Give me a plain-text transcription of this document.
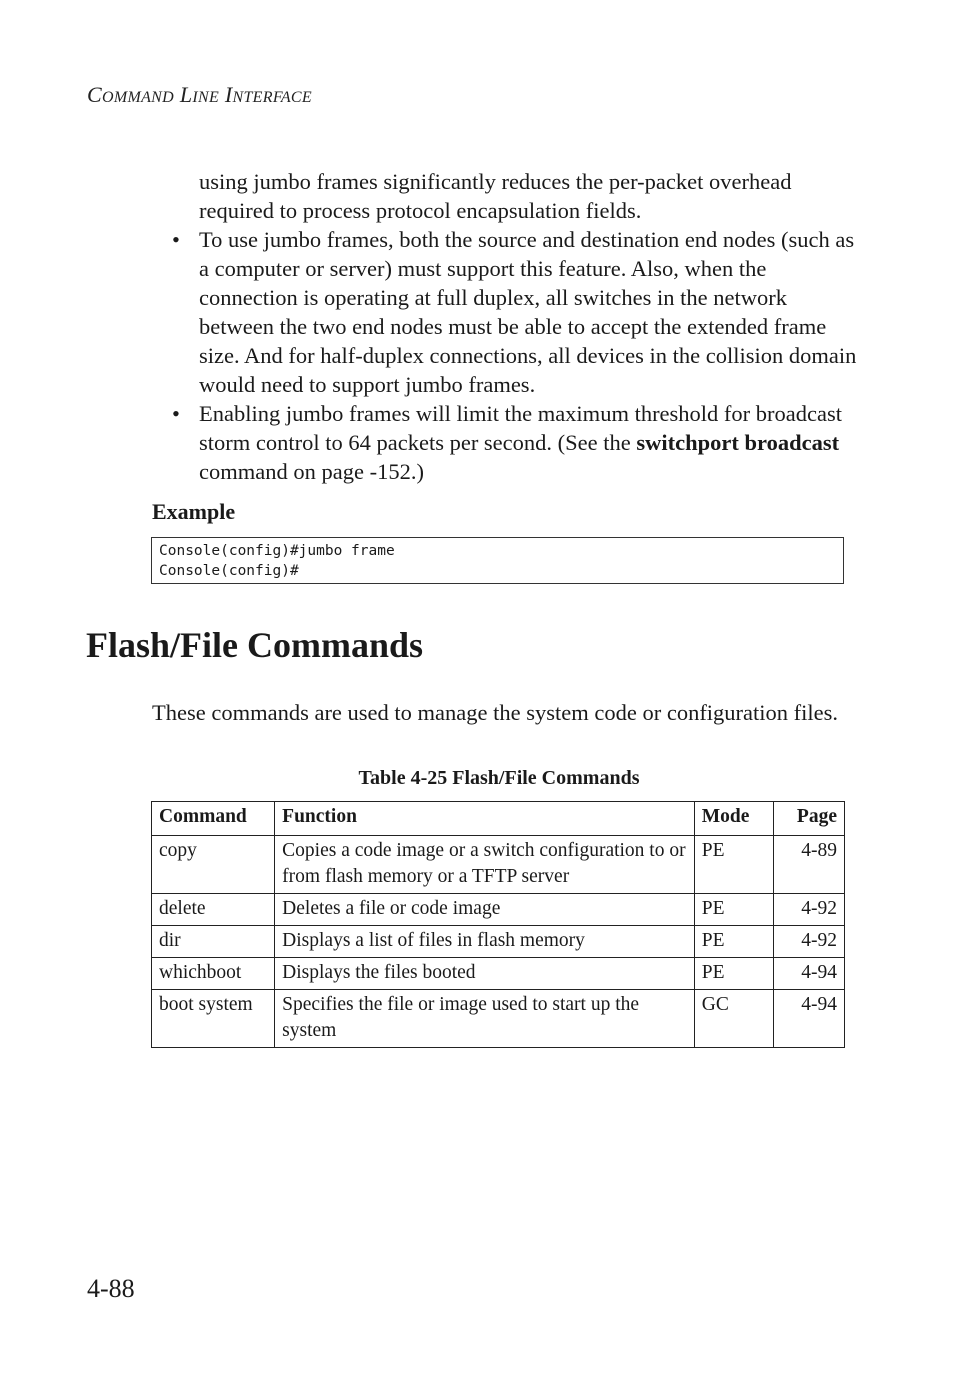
COMMAND LINE INTERFACE
using jumbo frames significantly reduces the per-packet overhead required to process protocol encapsulation fields.
• To use jumbo frames, both the source and destination end nodes (such as a computer or server) must support this feature. Also, when the connection is operating at full duplex, all switches in the network between the two end nodes must be able to accept the extended frame size. And for half-duplex connections, all devices in the collision domain would need to support jumbo frames.
• Enabling jumbo frames will limit the maximum threshold for broadcast storm control to 64 packets per second. (See the switchport broadcast command on page -152.)
Example
Console(config)#jumbo frame
Console(config)#
Flash/File Commands
These commands are used to manage the system code or configuration files.
Table 4-25 Flash/File Commands
Command	Function	Mode	Page
copy	Copies a code image or a switch configuration to or from flash memory or a TFTP server	PE	4-89
delete	Deletes a file or code image	PE	4-92
dir	Displays a list of files in flash memory	PE	4-92
whichboot	Displays the files booted	PE	4-94
boot system	Specifies the file or image used to start up the system	GC	4-94
4-88
